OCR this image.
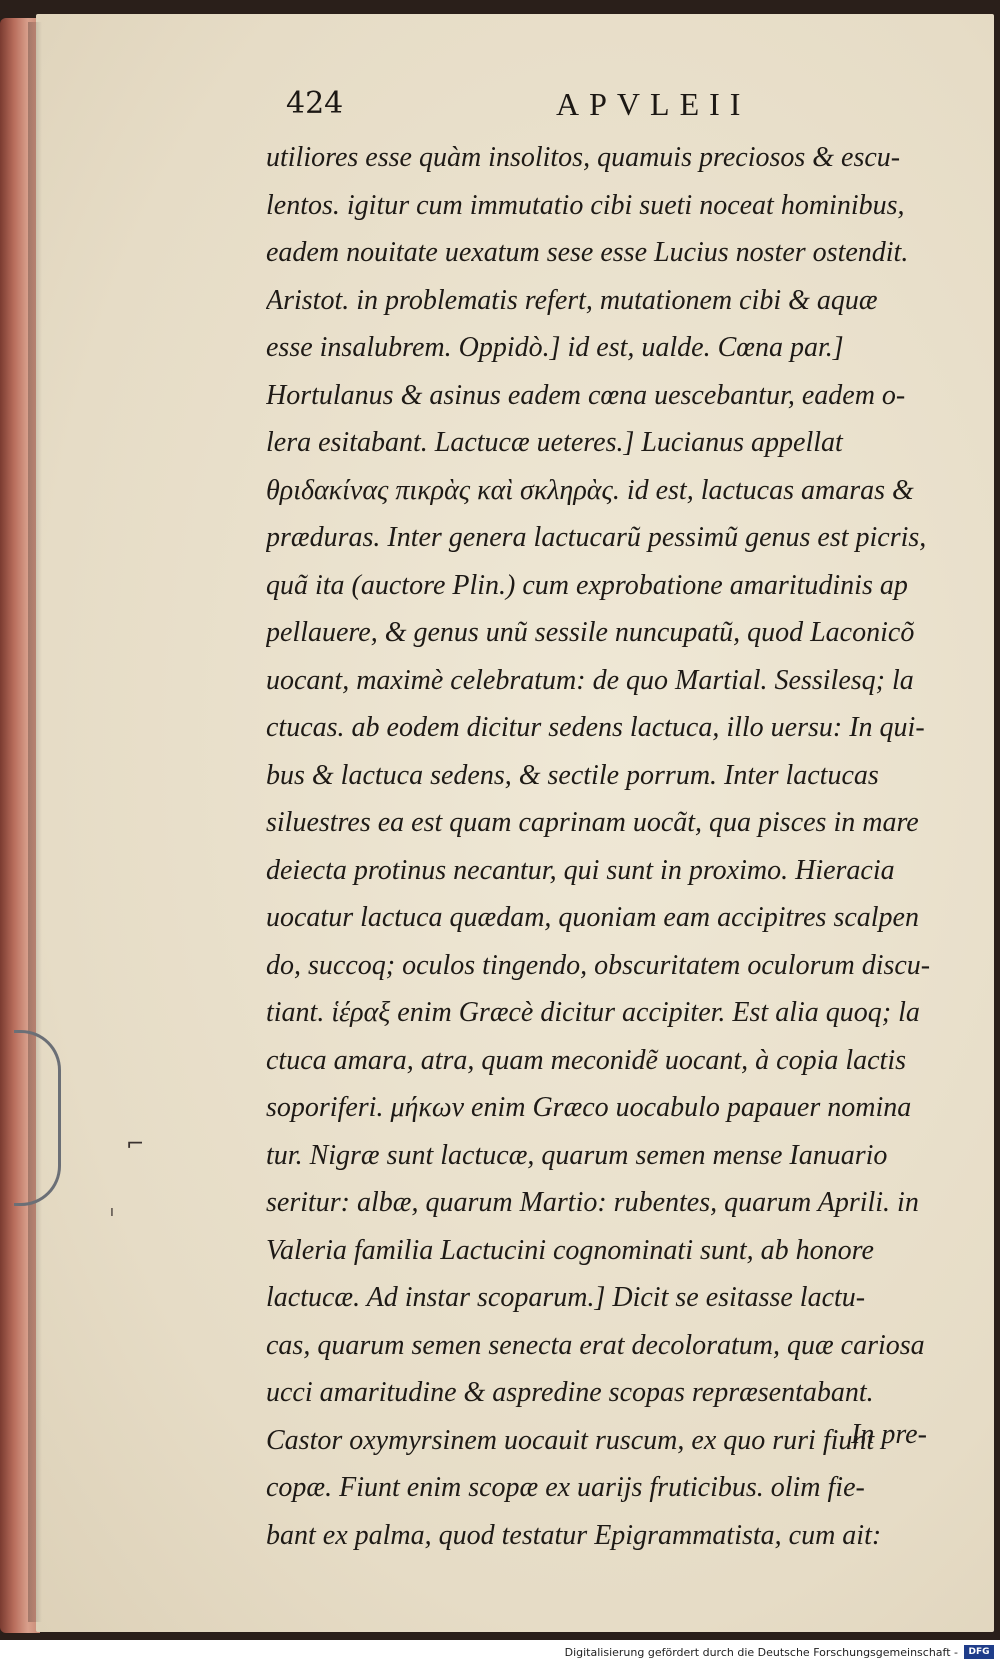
424	APVLEII
utiliores esse quàm insolitos, quamuis preciosos & escu-
lentos. igitur cum immutatio cibi sueti noceat hominibus,
eadem nouitate uexatum sese esse Lucius noster ostendit.
Aristot. in problematis refert, mutationem cibi & aquæ
esse insalubrem. Oppidò.] id est, ualde. Cœna par.]
Hortulanus & asinus eadem cœna uescebantur, eadem o-
lera esitabant. Lactucæ ueteres.] Lucianus appellat
θριδακίνας πικρὰς καὶ σκληρὰς. id est, lactucas amaras &
præduras. Inter genera lactucarũ pessimũ genus est picris,
quã ita (auctore Plin.) cum exprobatione amaritudinis ap
pellauere, & genus unũ sessile nuncupatũ, quod Laconicõ
uocant, maximè celebratum: de quo Martial. Sessilesq; la
ctucas. ab eodem dicitur sedens lactuca, illo uersu: In qui-
bus & lactuca sedens, & sectile porrum. Inter lactucas
siluestres ea est quam caprinam uocãt, qua pisces in mare
deiecta protinus necantur, qui sunt in proximo. Hieracia
uocatur lactuca quædam, quoniam eam accipitres scalpen
do, succoq; oculos tingendo, obscuritatem oculorum discu-
tiant. ἱέραξ enim Græcè dicitur accipiter. Est alia quoq; la
ctuca amara, atra, quam meconidẽ uocant, à copia lactis
soporiferi. μήκων enim Græco uocabulo papauer nomina
tur. Nigræ sunt lactucæ, quarum semen mense Ianuario
seritur: albæ, quarum Martio: rubentes, quarum Aprili. in
Valeria familia Lactucini cognominati sunt, ab honore
lactucæ. Ad instar scoparum.] Dicit se esitasse lactu-
cas, quarum semen senecta erat decoloratum, quæ cariosa
ucci amaritudine & aspredine scopas repræsentabant.
Castor oxymyrsinem uocauit ruscum, ex quo ruri fiunt
copæ. Fiunt enim scopæ ex uarijs fruticibus. olim fie-
bant ex palma, quod testatur Epigrammatista, cum ait:
In pre-
⌐
ı
Digitalisierung gefördert durch die Deutsche Forschungsgemeinschaft -	DFG
